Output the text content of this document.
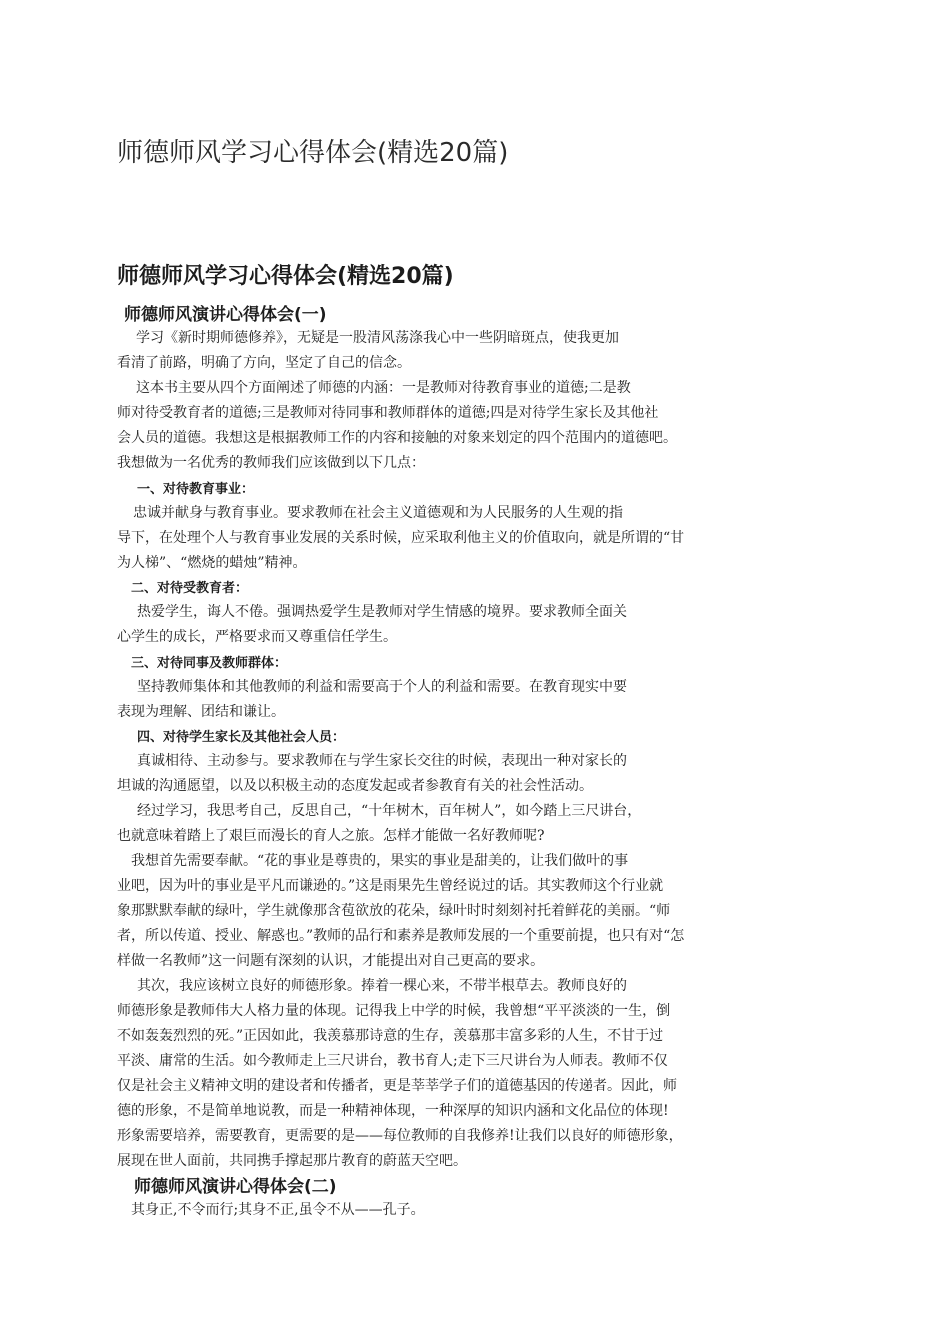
师德师风学习心得体会(精选20篇)
师德师风学习心得体会(精选20篇)
师德师风演讲心得体会(一)
学习《新时期师德修养》，无疑是一股清风荡涤我心中一些阴暗斑点，使我更加
看清了前路，明确了方向，坚定了自己的信念。
这本书主要从四个方面阐述了师德的内涵：一是教师对待教育事业的道德;二是教
师对待受教育者的道德;三是教师对待同事和教师群体的道德;四是对待学生家长及其他社
会人员的道德。我想这是根据教师工作的内容和接触的对象来划定的四个范围内的道德吧。
我想做为一名优秀的教师我们应该做到以下几点：
一、对待教育事业：
忠诚并献身与教育事业。要求教师在社会主义道德观和为人民服务的人生观的指
导下，在处理个人与教育事业发展的关系时候，应采取利他主义的价值取向，就是所谓的“甘
为人梯”、“燃烧的蜡烛”精神。
二、对待受教育者：
热爱学生，诲人不倦。强调热爱学生是教师对学生情感的境界。要求教师全面关
心学生的成长，严格要求而又尊重信任学生。
三、对待同事及教师群体：
坚持教师集体和其他教师的利益和需要高于个人的利益和需要。在教育现实中要
表现为理解、团结和谦让。
四、对待学生家长及其他社会人员：
真诚相待、主动参与。要求教师在与学生家长交往的时候，表现出一种对家长的
坦诚的沟通愿望，以及以积极主动的态度发起或者参教育有关的社会性活动。
经过学习，我思考自己，反思自己，“十年树木，百年树人”，如今踏上三尺讲台，
也就意味着踏上了艰巨而漫长的育人之旅。怎样才能做一名好教师呢?
我想首先需要奉献。“花的事业是尊贵的，果实的事业是甜美的，让我们做叶的事
业吧，因为叶的事业是平凡而谦逊的。”这是雨果先生曾经说过的话。其实教师这个行业就
象那默默奉献的绿叶，学生就像那含苞欲放的花朵，绿叶时时刻刻衬托着鲜花的美丽。“师
者，所以传道、授业、解惑也。”教师的品行和素养是教师发展的一个重要前提，也只有对“怎
样做一名教师”这一问题有深刻的认识，才能提出对自己更高的要求。
其次，我应该树立良好的师德形象。捧着一棵心来，不带半根草去。教师良好的
师德形象是教师伟大人格力量的体现。记得我上中学的时候，我曾想“平平淡淡的一生，倒
不如轰轰烈烈的死。”正因如此，我羡慕那诗意的生存，羡慕那丰富多彩的人生，不甘于过
平淡、庸常的生活。如今教师走上三尺讲台，教书育人;走下三尺讲台为人师表。教师不仅
仅是社会主义精神文明的建设者和传播者，更是莘莘学子们的道德基因的传递者。因此，师
德的形象，不是简单地说教，而是一种精神体现，一种深厚的知识内涵和文化品位的体现!
形象需要培养，需要教育，更需要的是——每位教师的自我修养!让我们以良好的师德形象，
展现在世人面前，共同携手撑起那片教育的蔚蓝天空吧。
师德师风演讲心得体会(二)
其身正,不令而行;其身不正,虽令不从——孔子。
